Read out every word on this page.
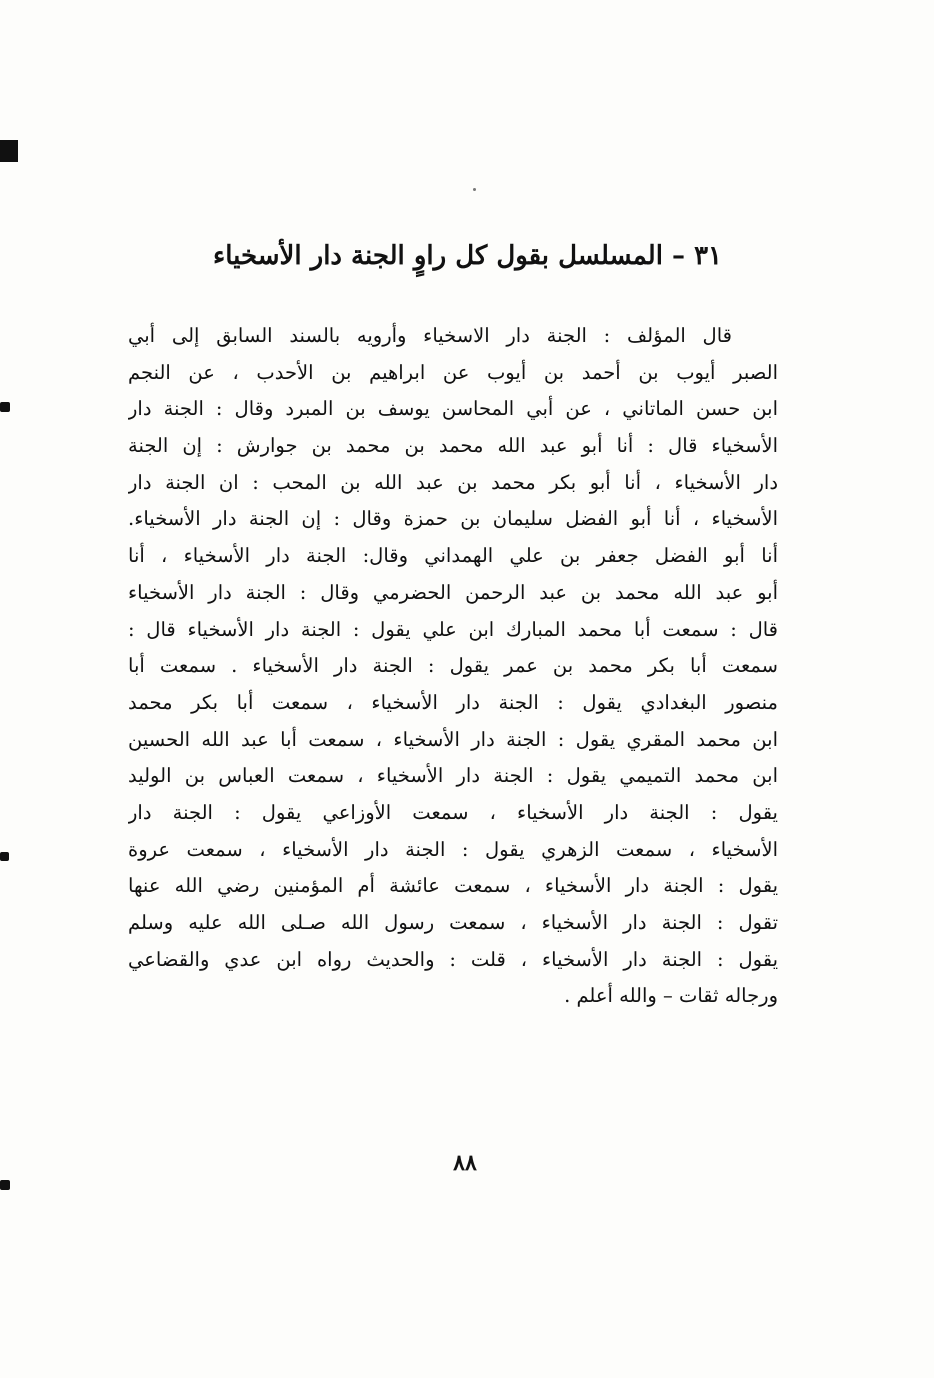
٣١ – المسلسل بقول كل راوٍ الجنة دار الأسخياء
قال المؤلف : الجنة دار الاسخياء وأرويه بالسند السابق إلى أبي
الصبر أيوب بن أحمد بن أيوب عن ابراهيم بن الأحدب ، عن النجم
ابن حسن الماتاني ، عن أبي المحاسن يوسف بن المبرد وقال : الجنة دار
الأسخياء قال : أنا أبو عبد الله محمد بن محمد بن جوارش : إن الجنة
دار الأسخياء ، أنا أبو بكر محمد بن عبد الله بن المحب : ان الجنة دار
الأسخياء ، أنا أبو الفضل سليمان بن حمزة وقال : إن الجنة دار الأسخياء.
أنا أبو الفضل جعفر بن علي الهمداني وقال: الجنة دار الأسخياء ، أنا
أبو عبد الله محمد بن عبد الرحمن الحضرمي وقال : الجنة دار الأسخياء
قال : سمعت أبا محمد المبارك ابن علي يقول : الجنة دار الأسخياء قال :
سمعت أبا بكر محمد بن عمر يقول : الجنة دار الأسخياء . سمعت أبا
منصور البغدادي يقول : الجنة دار الأسخياء ، سمعت أبا بكر محمد
ابن محمد المقري يقول : الجنة دار الأسخياء ، سمعت أبا عبد الله الحسين
ابن محمد التميمي يقول : الجنة دار الأسخياء ، سمعت العباس بن الوليد
يقول : الجنة دار الأسخياء ، سمعت الأوزاعي يقول : الجنة دار
الأسخياء ، سمعت الزهري يقول : الجنة دار الأسخياء ، سمعت عروة
يقول : الجنة دار الأسخياء ، سمعت عائشة أم المؤمنين رضي الله عنها
تقول : الجنة دار الأسخياء ، سمعت رسول الله صـلى الله عليه وسلم
يقول : الجنة دار الأسخياء ، قلت : والحديث رواه ابن عدي والقضاعي
ورجاله ثقات – والله أعلم .
٨٨
